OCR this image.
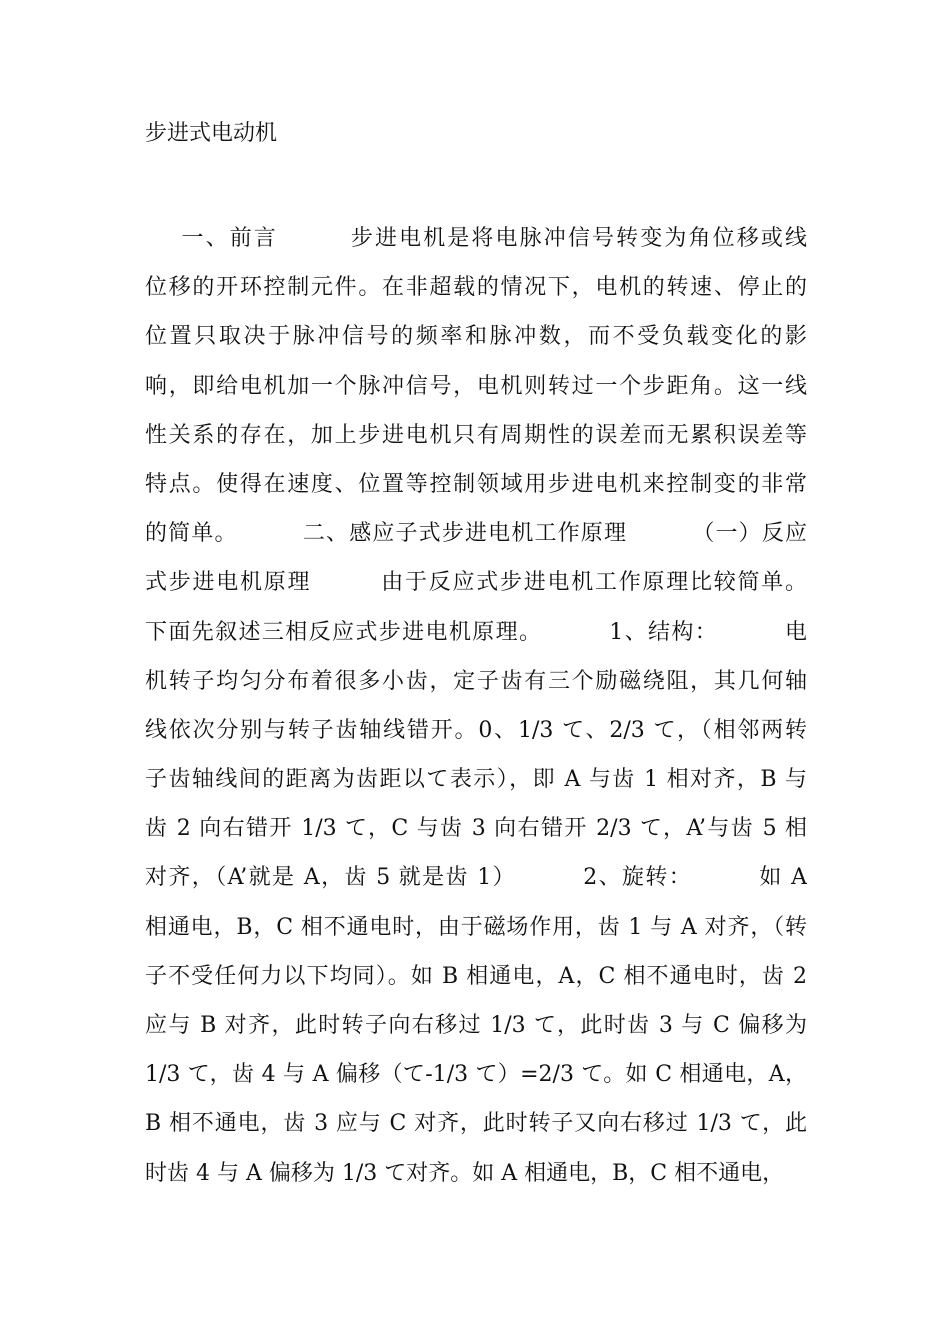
步进式电动机
一、前言        步进电机是将电脉冲信号转变为角位移或线
位移的开环控制元件。在非超载的情况下，电机的转速、停止的
位置只取决于脉冲信号的频率和脉冲数，而不受负载变化的影
响，即给电机加一个脉冲信号，电机则转过一个步距角。这一线
性关系的存在，加上步进电机只有周期性的误差而无累积误差等
特点。使得在速度、位置等控制领域用步进电机来控制变的非常
的简单。        二、感应子式步进电机工作原理        （一）反应
式步进电机原理        由于反应式步进电机工作原理比较简单。
下面先叙述三相反应式步进电机原理。        1、结构：        电
机转子均匀分布着很多小齿，定子齿有三个励磁绕阻，其几何轴
线依次分别与转子齿轴线错开。0、1/3 て、2/3 て，（相邻两转
子齿轴线间的距离为齿距以て表示），即 A 与齿 1 相对齐，B 与
齿 2 向右错开 1/3 て，C 与齿 3 向右错开 2/3 て，A’与齿 5 相
对齐，（A’就是 A，齿 5 就是齿 1）        2、旋转：        如 A
相通电，B，C 相不通电时，由于磁场作用，齿 1 与 A 对齐，（转
子不受任何力以下均同）。如 B 相通电，A，C 相不通电时，齿 2
应与 B 对齐，此时转子向右移过 1/3 て，此时齿 3 与 C 偏移为
1/3 て，齿 4 与 A 偏移（て-1/3 て）=2/3 て。如 C 相通电，A，
B 相不通电，齿 3 应与 C 对齐，此时转子又向右移过 1/3 て，此
时齿 4 与 A 偏移为 1/3 て对齐。如 A 相通电，B，C 相不通电，
